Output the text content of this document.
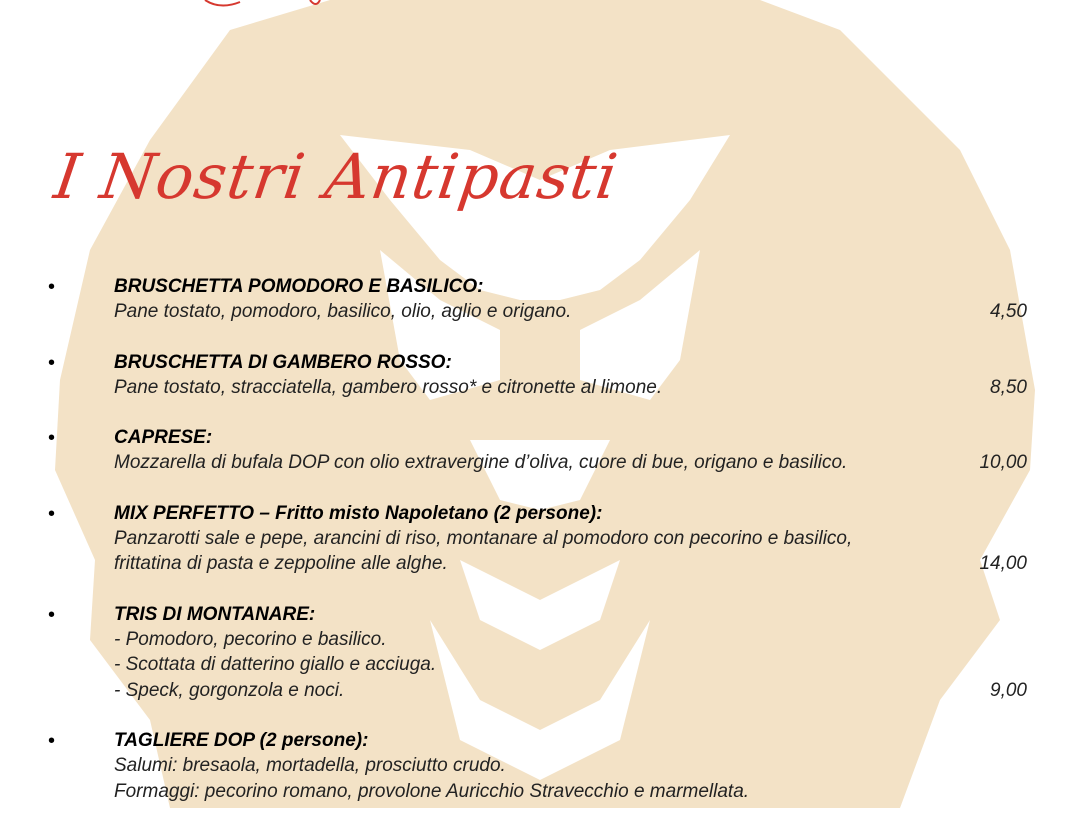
I Nostri Antipasti
•	BRUSCHETTA POMODORO E BASILICO:
Pane tostato, pomodoro, basilico, olio, aglio e origano.	4,50
•	BRUSCHETTA DI GAMBERO ROSSO:
Pane tostato, stracciatella, gambero rosso* e citronette al limone.	8,50
•	CAPRESE:
Mozzarella di bufala DOP con olio extravergine d’oliva, cuore di bue, origano e basilico.	10,00
•	MIX PERFETTO – Fritto misto Napoletano (2 persone):
Panzarotti sale e pepe, arancini di riso, montanare al pomodoro con pecorino e basilico,
frittatina di pasta e zeppoline alle alghe.	14,00
•	TRIS DI MONTANARE:
- Pomodoro, pecorino e basilico.
- Scottata di datterino giallo e acciuga.
- Speck, gorgonzola e noci.	9,00
•	TAGLIERE DOP (2 persone):
Salumi: bresaola, mortadella, prosciutto crudo.
Formaggi: pecorino romano, provolone Auricchio Stravecchio e marmellata.
